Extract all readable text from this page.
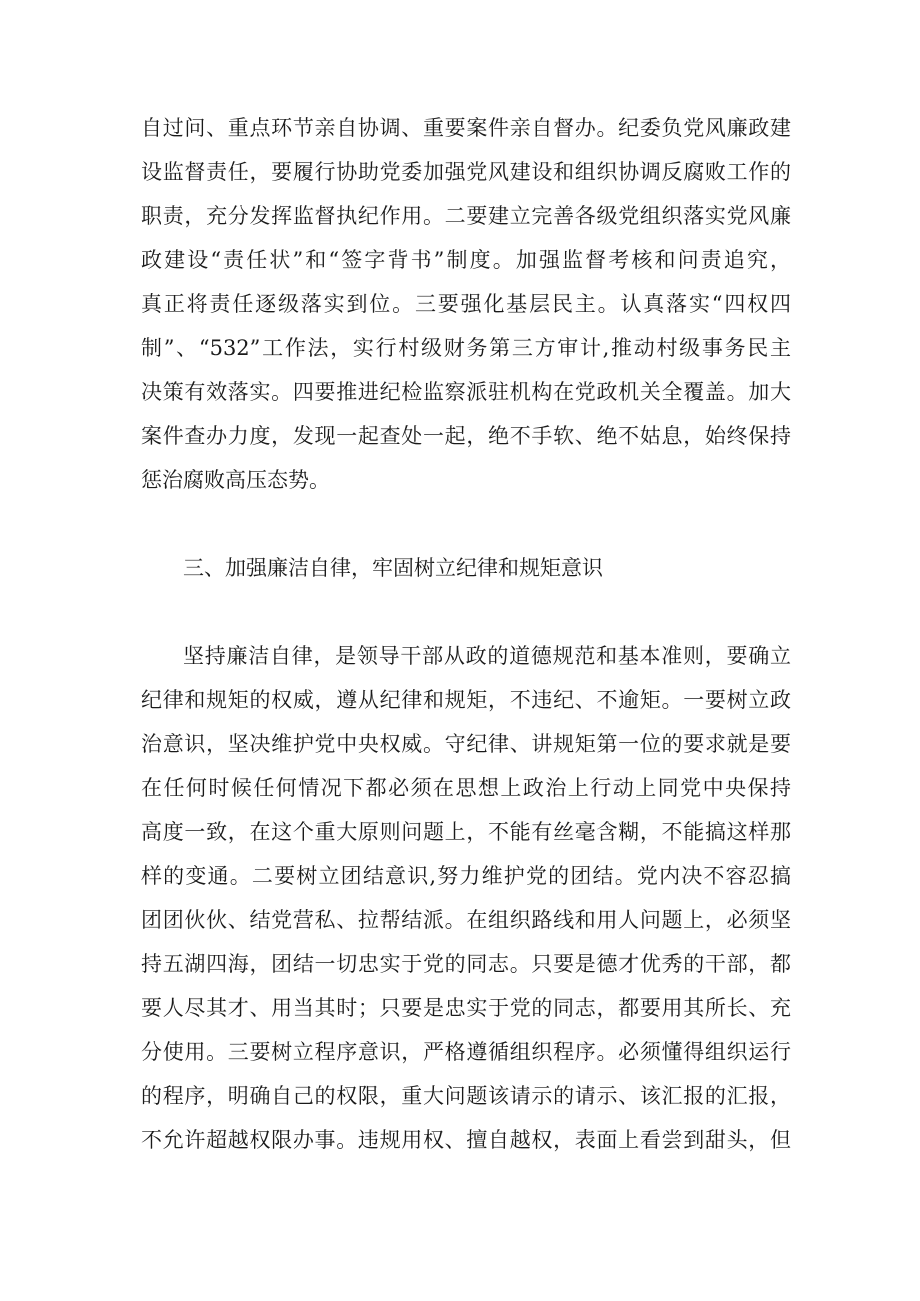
自过问、重点环节亲自协调、重要案件亲自督办。纪委负党风廉政建
设监督责任，要履行协助党委加强党风建设和组织协调反腐败工作的
职责，充分发挥监督执纪作用。二要建立完善各级党组织落实党风廉
政建设“责任状”和“签字背书”制度。加强监督考核和问责追究，
真正将责任逐级落实到位。三要强化基层民主。认真落实“四权四
制”、“532”工作法，实行村级财务第三方审计,推动村级事务民主
决策有效落实。四要推进纪检监察派驻机构在党政机关全覆盖。加大
案件查办力度，发现一起查处一起，绝不手软、绝不姑息，始终保持
惩治腐败高压态势。
三、加强廉洁自律，牢固树立纪律和规矩意识
坚持廉洁自律，是领导干部从政的道德规范和基本准则，要确立
纪律和规矩的权威，遵从纪律和规矩，不违纪、不逾矩。一要树立政
治意识，坚决维护党中央权威。守纪律、讲规矩第一位的要求就是要
在任何时候任何情况下都必须在思想上政治上行动上同党中央保持
高度一致，在这个重大原则问题上，不能有丝毫含糊，不能搞这样那
样的变通。二要树立团结意识,努力维护党的团结。党内决不容忍搞
团团伙伙、结党营私、拉帮结派。在组织路线和用人问题上，必须坚
持五湖四海，团结一切忠实于党的同志。只要是德才优秀的干部，都
要人尽其才、用当其时；只要是忠实于党的同志，都要用其所长、充
分使用。三要树立程序意识，严格遵循组织程序。必须懂得组织运行
的程序，明确自己的权限，重大问题该请示的请示、该汇报的汇报，
不允许超越权限办事。违规用权、擅自越权，表面上看尝到甜头，但
